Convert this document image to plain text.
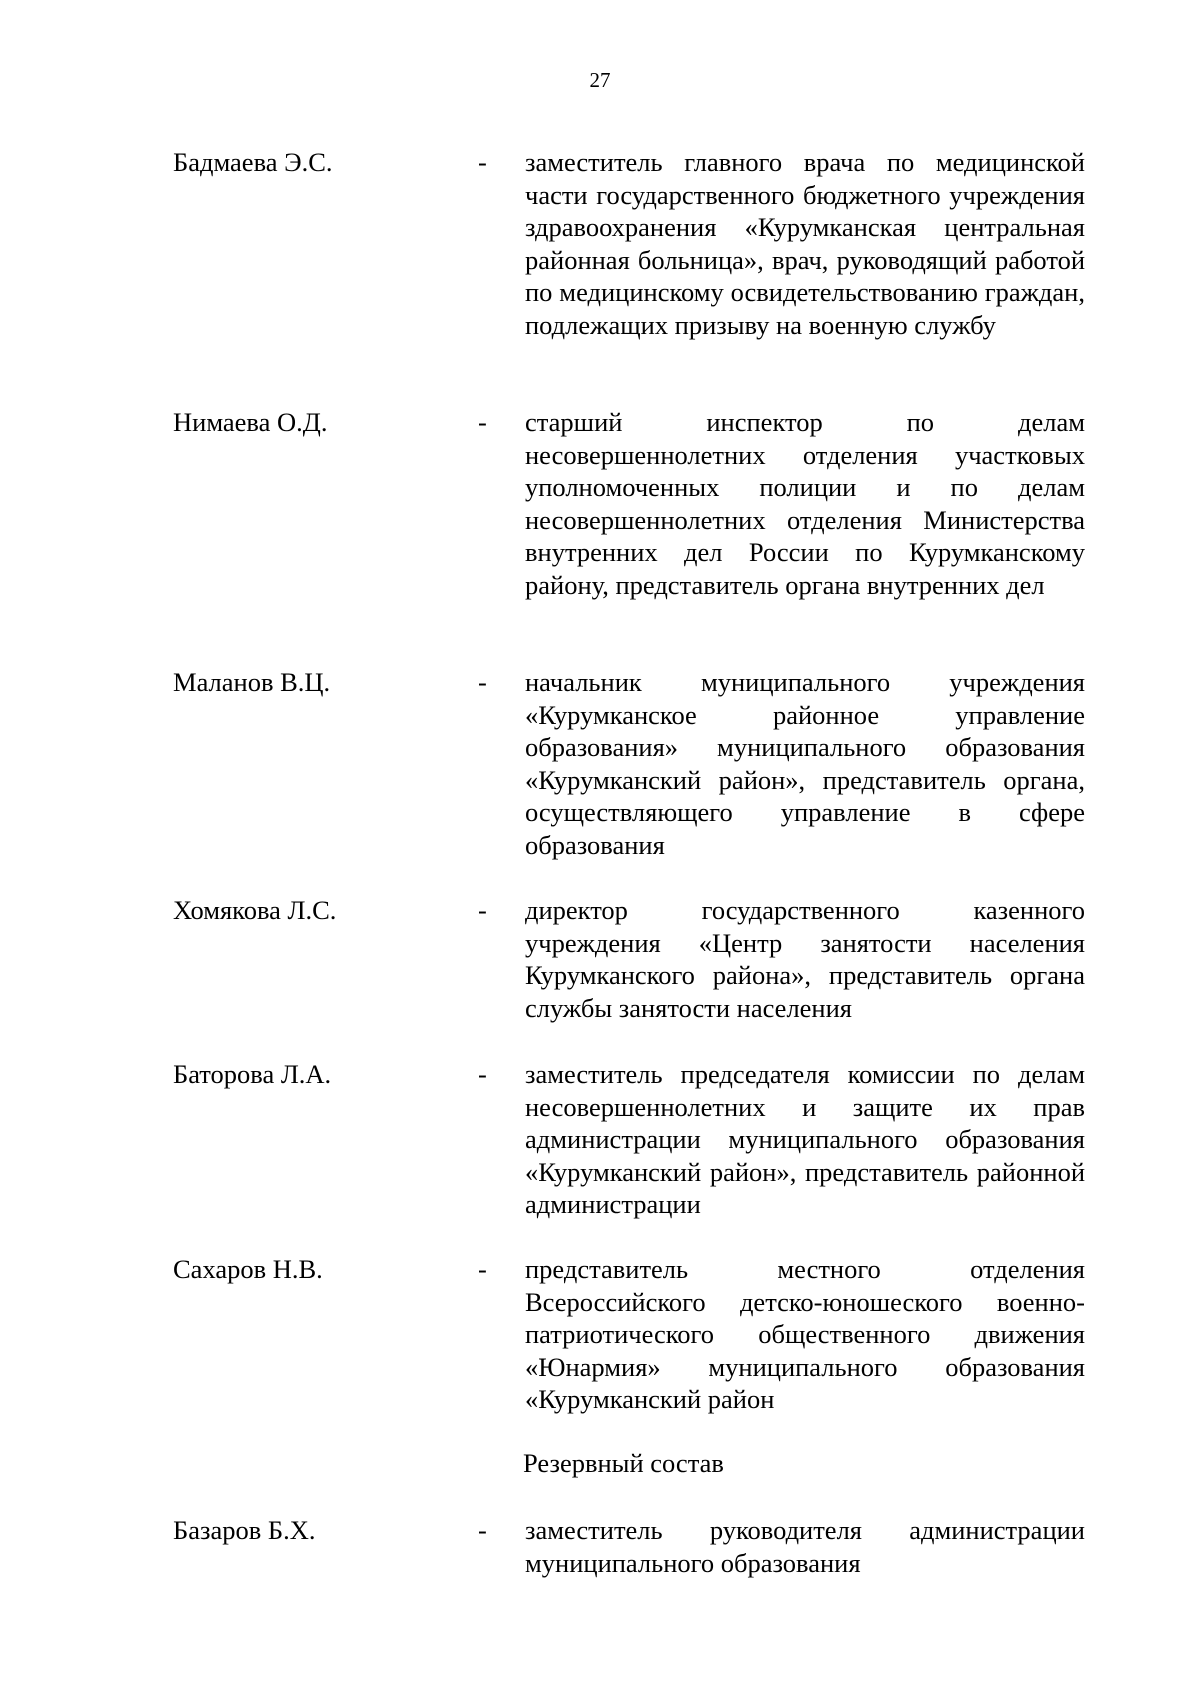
27
Бадмаева Э.С.	- заместитель главного врача по медицинской части государственного бюджетного учреждения здравоохранения «Курумканская центральная районная больница», врач, руководящий работой по медицинскому освидетельствованию граждан, подлежащих призыву на военную службу
Нимаева О.Д.	- старший инспектор по делам несовершеннолетних отделения участковых уполномоченных полиции и по делам несовершеннолетних отделения Министерства внутренних дел России по Курумканскому району, представитель органа внутренних дел
Маланов В.Ц.	- начальник муниципального учреждения «Курумканское районное управление образования» муниципального образования «Курумканский район», представитель органа, осуществляющего управление в сфере образования
Хомякова Л.С.	- директор государственного казенного учреждения «Центр занятости населения Курумканского района», представитель органа службы занятости населения
Баторова Л.А.	- заместитель председателя комиссии по делам несовершеннолетних и защите их прав администрации муниципального образования «Курумканский район», представитель районной администрации
Сахаров Н.В.	- представитель местного отделения Всероссийского детско-юношеского военно-патриотического общественного движения «Юнармия» муниципального образования «Курумканский район
Резервный состав
Базаров Б.Х.	- заместитель руководителя администрации муниципального образования
